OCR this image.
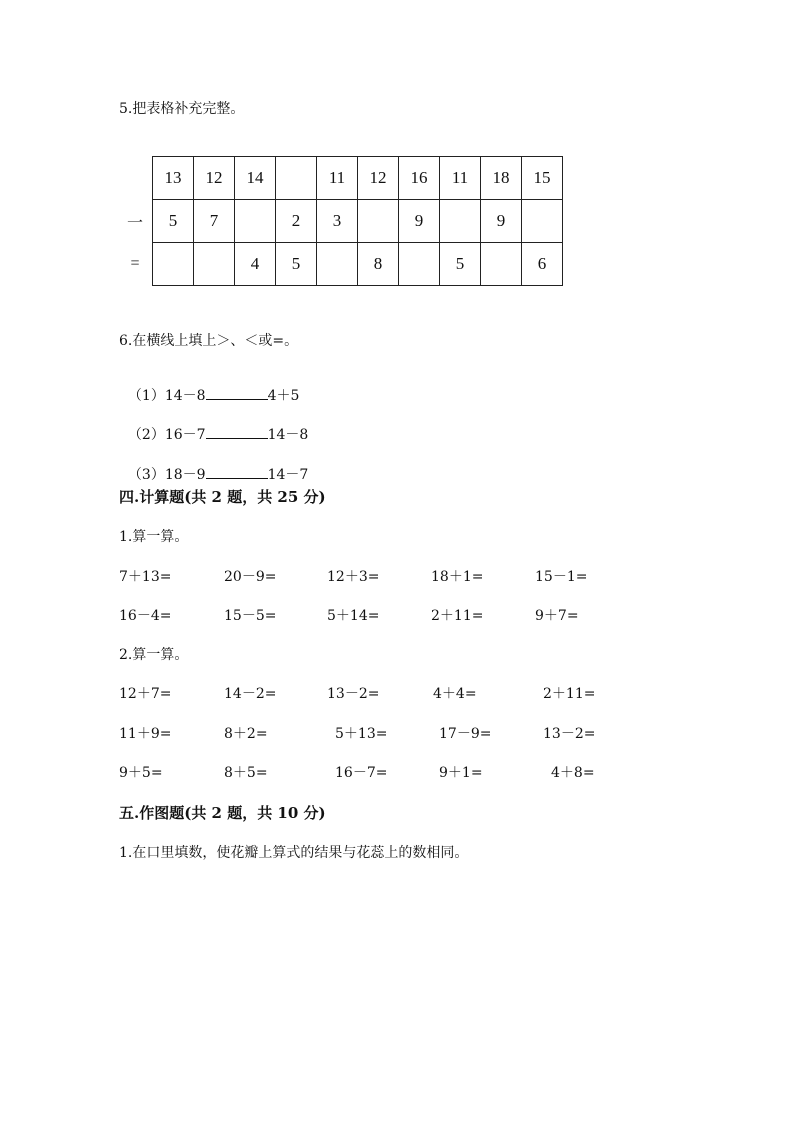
5.把表格补充完整。
	13	12	14		11	12	16	11	18	15
一	5	7		2	3		9		9	
=			4	5		8		5		6
6.在横线上填上＞、＜或=。

（1）14－8	4＋5

（2）16－7	14－8

（3）18－9	14－7

四.计算题(共 2 题，共 25 分)
1.算一算。
7＋13=	20－9=	12＋3=	18＋1=	15－1=
16－4=	15－5=	5＋14=	2＋11=	9＋7=
2.算一算。
12＋7=	14－2=	13－2=	4＋4=	2＋11=
11＋9=	8＋2=	5＋13=	17－9=	13－2=
9＋5=	8＋5=	16－7=	9＋1=	4＋8=
五.作图题(共 2 题，共 10 分)
1.在口里填数，使花瓣上算式的结果与花蕊上的数相同。
